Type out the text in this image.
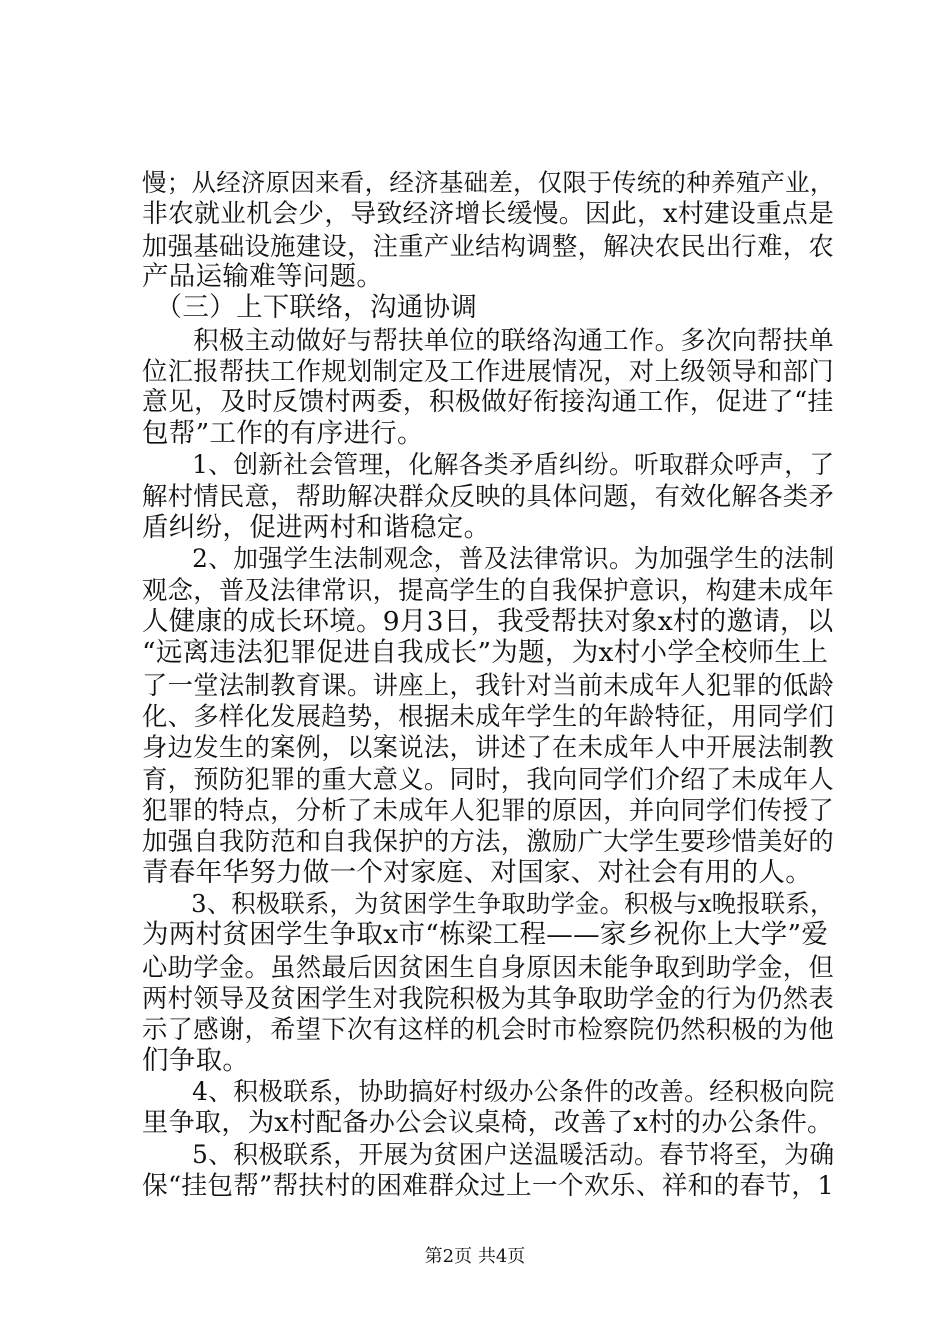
慢；从经济原因来看，经济基础差，仅限于传统的种养殖产业，
非农就业机会少，导致经济增长缓慢。因此，x村建设重点是
加强基础设施建设，注重产业结构调整，解决农民出行难，农
产品运输难等问题。
　（三）上下联络，沟通协调
　　积极主动做好与帮扶单位的联络沟通工作。多次向帮扶单
位汇报帮扶工作规划制定及工作进展情况，对上级领导和部门
意见，及时反馈村两委，积极做好衔接沟通工作，促进了“挂
包帮”工作的有序进行。
　　1、创新社会管理，化解各类矛盾纠纷。听取群众呼声，了
解村情民意，帮助解决群众反映的具体问题，有效化解各类矛
盾纠纷，促进两村和谐稳定。
　　2、加强学生法制观念，普及法律常识。为加强学生的法制
观念，普及法律常识，提高学生的自我保护意识，构建未成年
人健康的成长环境。9月3日，我受帮扶对象x村的邀请，以
“远离违法犯罪促进自我成长”为题，为x村小学全校师生上
了一堂法制教育课。讲座上，我针对当前未成年人犯罪的低龄
化、多样化发展趋势，根据未成年学生的年龄特征，用同学们
身边发生的案例，以案说法，讲述了在未成年人中开展法制教
育，预防犯罪的重大意义。同时，我向同学们介绍了未成年人
犯罪的特点，分析了未成年人犯罪的原因，并向同学们传授了
加强自我防范和自我保护的方法，激励广大学生要珍惜美好的
青春年华努力做一个对家庭、对国家、对社会有用的人。
　　3、积极联系，为贫困学生争取助学金。积极与x晚报联系，
为两村贫困学生争取x市“栋梁工程——家乡祝你上大学”爱
心助学金。虽然最后因贫困生自身原因未能争取到助学金，但
两村领导及贫困学生对我院积极为其争取助学金的行为仍然表
示了感谢，希望下次有这样的机会时市检察院仍然积极的为他
们争取。
　　4、积极联系，协助搞好村级办公条件的改善。经积极向院
里争取，为x村配备办公会议桌椅，改善了x村的办公条件。
　　5、积极联系，开展为贫困户送温暖活动。春节将至，为确
保“挂包帮”帮扶村的困难群众过上一个欢乐、祥和的春节，1
第2页 共4页
